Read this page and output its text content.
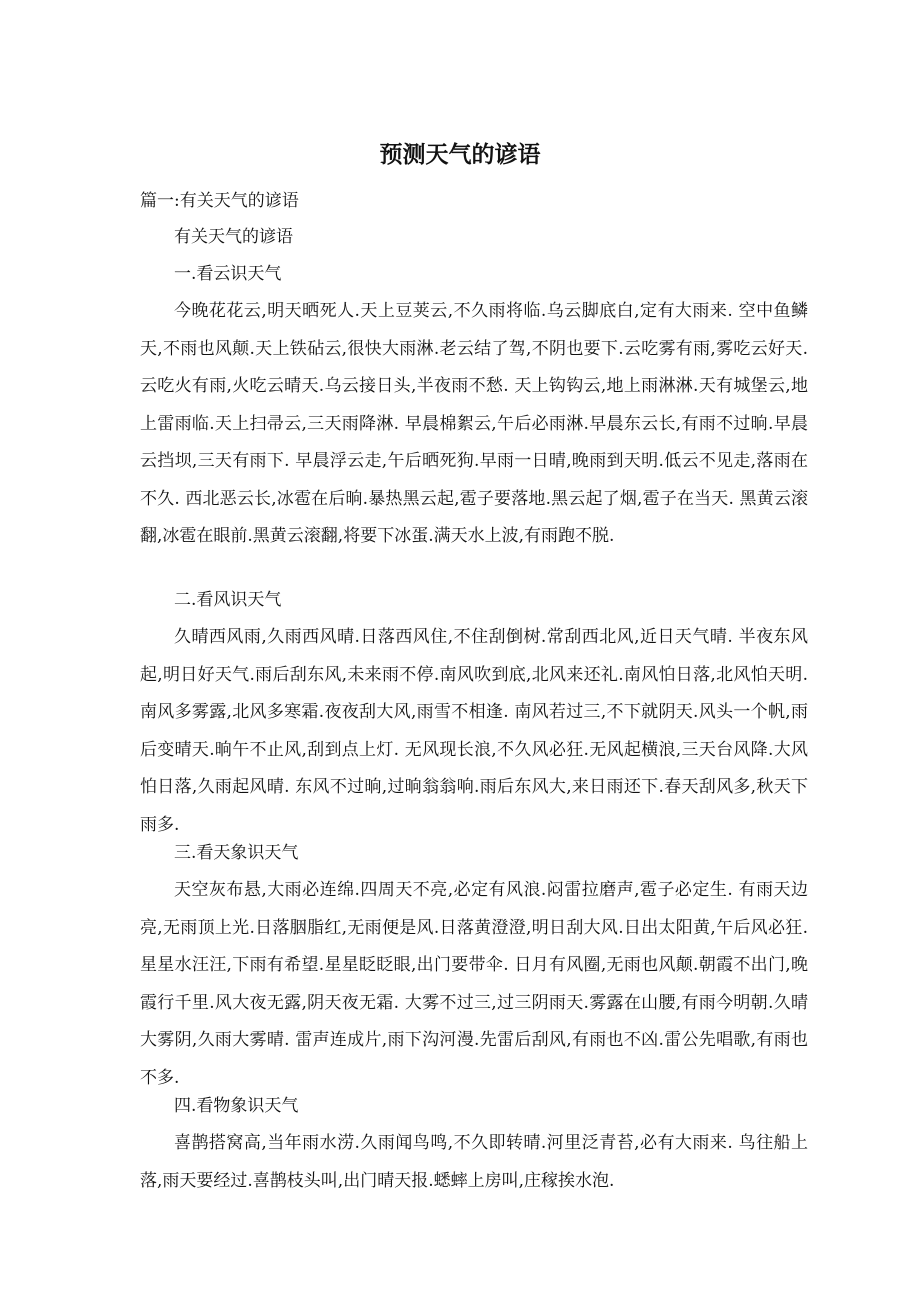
预测天气的谚语

篇一:有关天气的谚语

有关天气的谚语

一.看云识天气

今晚花花云,明天晒死人.天上豆荚云,不久雨将临.乌云脚底白,定有大雨来. 空中鱼鳞天,不雨也风颠.天上铁砧云,很快大雨淋.老云结了驾,不阴也要下.云吃雾有雨,雾吃云好天.云吃火有雨,火吃云晴天.乌云接日头,半夜雨不愁. 天上钩钩云,地上雨淋淋.天有城堡云,地上雷雨临.天上扫帚云,三天雨降淋. 早晨棉絮云,午后必雨淋.早晨东云长,有雨不过晌.早晨云挡坝,三天有雨下. 早晨浮云走,午后晒死狗.早雨一日晴,晚雨到天明.低云不见走,落雨在不久. 西北恶云长,冰雹在后晌.暴热黑云起,雹子要落地.黑云起了烟,雹子在当天. 黑黄云滚翻,冰雹在眼前.黑黄云滚翻,将要下冰蛋.满天水上波,有雨跑不脱.

二.看风识天气

久晴西风雨,久雨西风晴.日落西风住,不住刮倒树.常刮西北风,近日天气晴. 半夜东风起,明日好天气.雨后刮东风,未来雨不停.南风吹到底,北风来还礼.南风怕日落,北风怕天明.南风多雾露,北风多寒霜.夜夜刮大风,雨雪不相逢. 南风若过三,不下就阴天.风头一个帆,雨后变晴天.晌午不止风,刮到点上灯. 无风现长浪,不久风必狂.无风起横浪,三天台风降.大风怕日落,久雨起风晴. 东风不过晌,过晌翁翁响.雨后东风大,来日雨还下.春天刮风多,秋天下雨多.

三.看天象识天气

天空灰布悬,大雨必连绵.四周天不亮,必定有风浪.闷雷拉磨声,雹子必定生. 有雨天边亮,无雨顶上光.日落胭脂红,无雨便是风.日落黄澄澄,明日刮大风.日出太阳黄,午后风必狂.星星水汪汪,下雨有希望.星星眨眨眼,出门要带伞. 日月有风圈,无雨也风颠.朝霞不出门,晚霞行千里.风大夜无露,阴天夜无霜. 大雾不过三,过三阴雨天.雾露在山腰,有雨今明朝.久晴大雾阴,久雨大雾晴. 雷声连成片,雨下沟河漫.先雷后刮风,有雨也不凶.雷公先唱歌,有雨也不多.

四.看物象识天气

喜鹊搭窝高,当年雨水涝.久雨闻鸟鸣,不久即转晴.河里泛青苔,必有大雨来. 鸟往船上落,雨天要经过.喜鹊枝头叫,出门晴天报.蟋蟀上房叫,庄稼挨水泡.
